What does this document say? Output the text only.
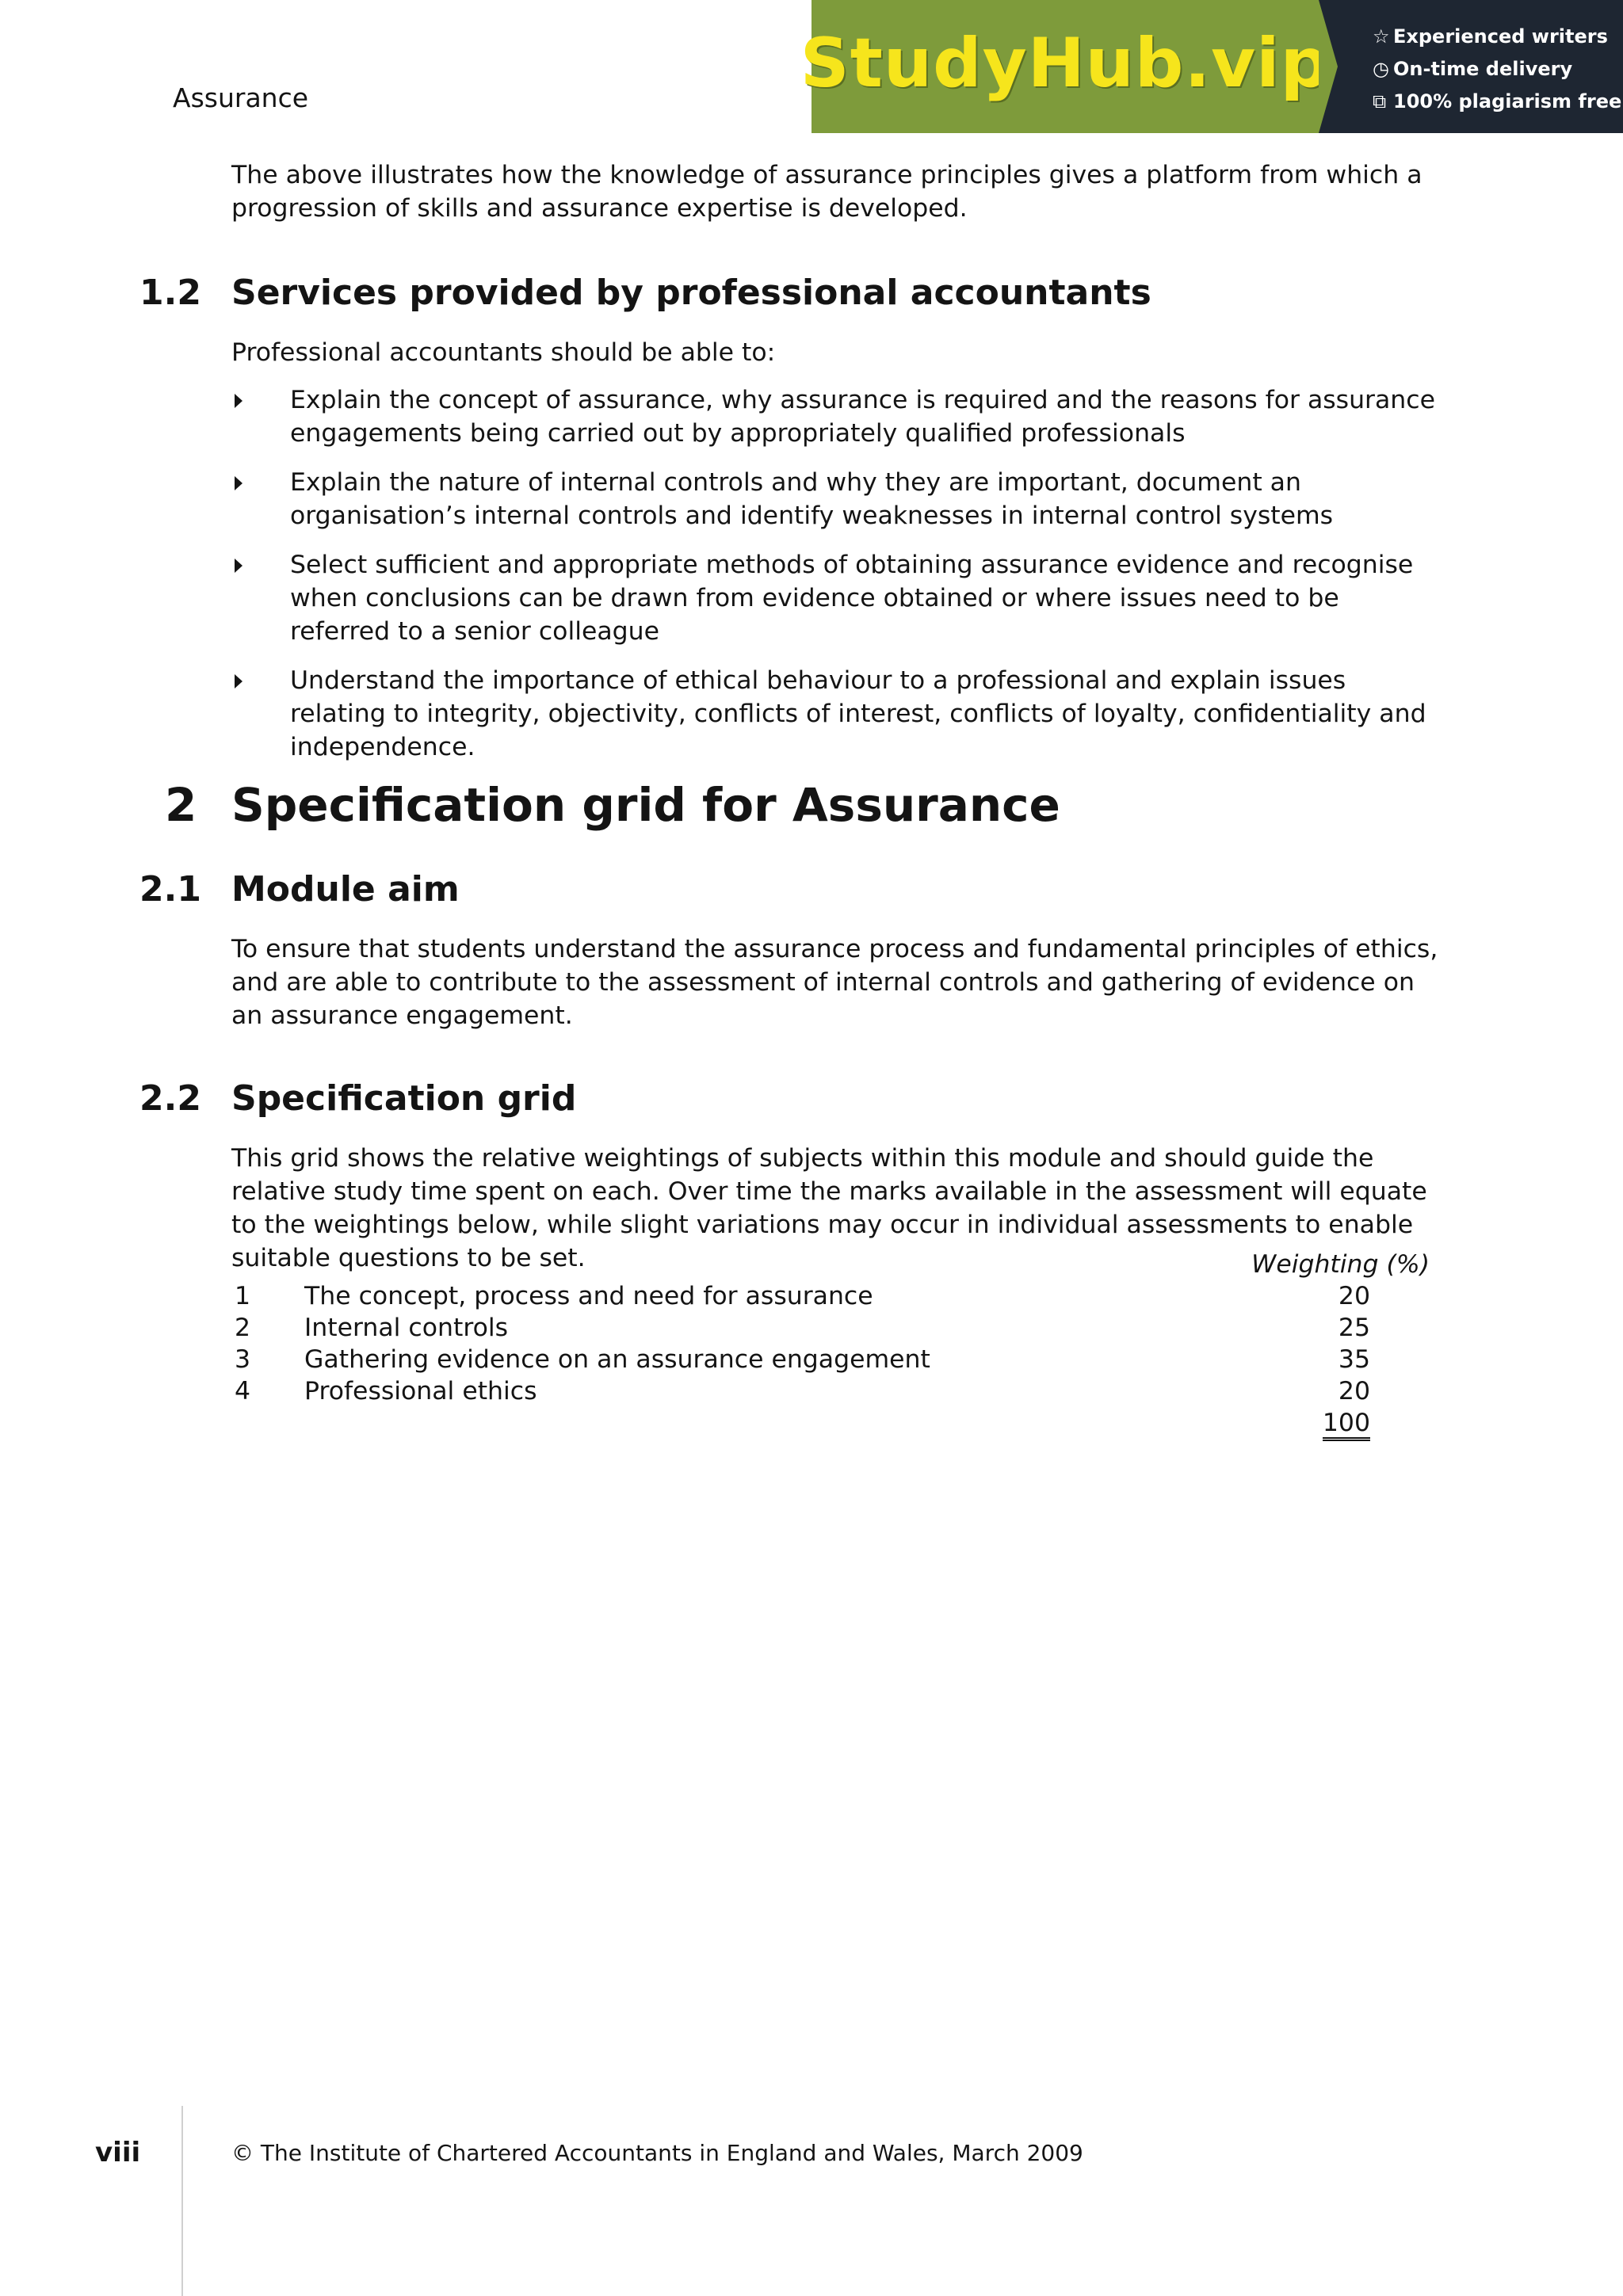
Assurance	StudyHub.vip ☆ Experienced writers
◷ On-time delivery
⧉ 100% plagiarism free

The above illustrates how the knowledge of assurance principles gives a platform from which a progression of skills and assurance expertise is developed.

1.2 Services provided by professional accountants

Professional accountants should be able to:

Explain the concept of assurance, why assurance is required and the reasons for assurance engagements being carried out by appropriately qualified professionals
Explain the nature of internal controls and why they are important, document an organisation’s internal controls and identify weaknesses in internal control systems
Select sufficient and appropriate methods of obtaining assurance evidence and recognise when conclusions can be drawn from evidence obtained or where issues need to be referred to a senior colleague
Understand the importance of ethical behaviour to a professional and explain issues relating to integrity, objectivity, conflicts of interest, conflicts of loyalty, confidentiality and independence.
2 Specification grid for Assurance
2.1 Module aim

To ensure that students understand the assurance process and fundamental principles of ethics, and are able to contribute to the assessment of internal controls and gathering of evidence on an assurance engagement.

2.2 Specification grid

This grid shows the relative weightings of subjects within this module and should guide the relative study time spent on each. Over time the marks available in the assessment will equate to the weightings below, while slight variations may occur in individual assessments to enable suitable questions to be set.	Weighting (%)
1 The concept, process and need for assurance	20
2 Internal controls	25
3 Gathering evidence on an assurance engagement	35
4 Professional ethics	20
100
viii	© The Institute of Chartered Accountants in England and Wales, March 2009
